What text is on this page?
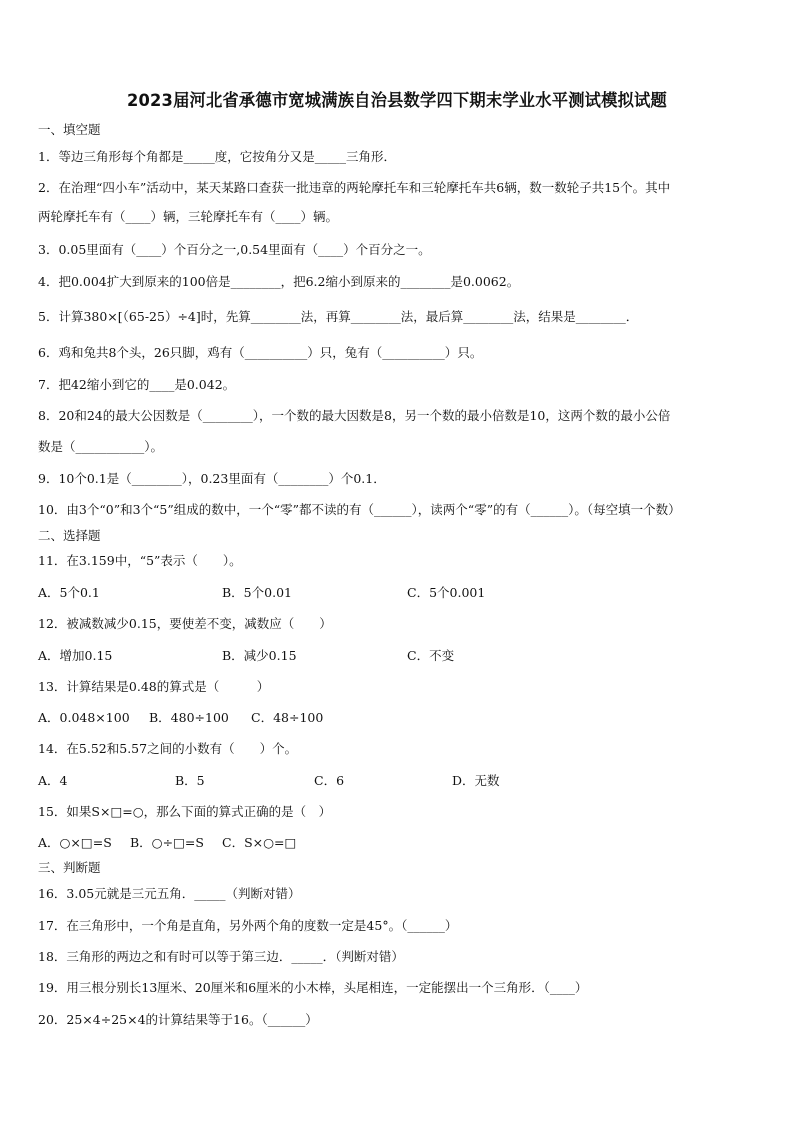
2023届河北省承德市宽城满族自治县数学四下期末学业水平测试模拟试题
一、填空题
1．等边三角形每个角都是_____度，它按角分又是_____三角形．
2．在治理“四小车”活动中，某天某路口查获一批违章的两轮摩托车和三轮摩托车共6辆，数一数轮子共15个。其中
两轮摩托车有（____）辆，三轮摩托车有（____）辆。
3．0.05里面有（____）个百分之一,0.54里面有（____）个百分之一。
4．把0.004扩大到原来的100倍是________，把6.2缩小到原来的________是0.0062。
5．计算380×[（65-25）÷4]时，先算________法，再算________法，最后算________法，结果是________．
6．鸡和兔共8个头，26只脚，鸡有（__________）只，兔有（__________）只。
7．把42缩小到它的____是0.042。
8．20和24的最大公因数是（________），一个数的最大因数是8，另一个数的最小倍数是10，这两个数的最小公倍
数是（___________）。
9．10个0.1是（________），0.23里面有（________）个0.1．
10．由3个“0”和3个“5”组成的数中，一个“零”都不读的有（______），读两个“零”的有（______）。（每空填一个数）
二、选择题
11．在3.159中，“5”表示（　　）。
A．5个0.1	B．5个0.01	C．5个0.001
12．被减数减少0.15，要使差不变，减数应（　　）
A．增加0.15	B．减少0.15	C．不变
13．计算结果是0.48的算式是（　　　）
A．0.048×100 B．480÷100 C．48÷100
14．在5.52和5.57之间的小数有（　　）个。
A．4	B．5	C．6	D．无数
15．如果S×□=○，那么下面的算式正确的是（　）
A．○×□=S B．○÷□=S C．S×○=□
三、判断题
16．3.05元就是三元五角．_____（判断对错）
17．在三角形中，一个角是直角，另外两个角的度数一定是45°。（______）
18．三角形的两边之和有时可以等于第三边．_____．（判断对错）
19．用三根分别长13厘米、20厘米和6厘米的小木棒，头尾相连，一定能摆出一个三角形．（____）
20．25×4÷25×4的计算结果等于16。（______）
